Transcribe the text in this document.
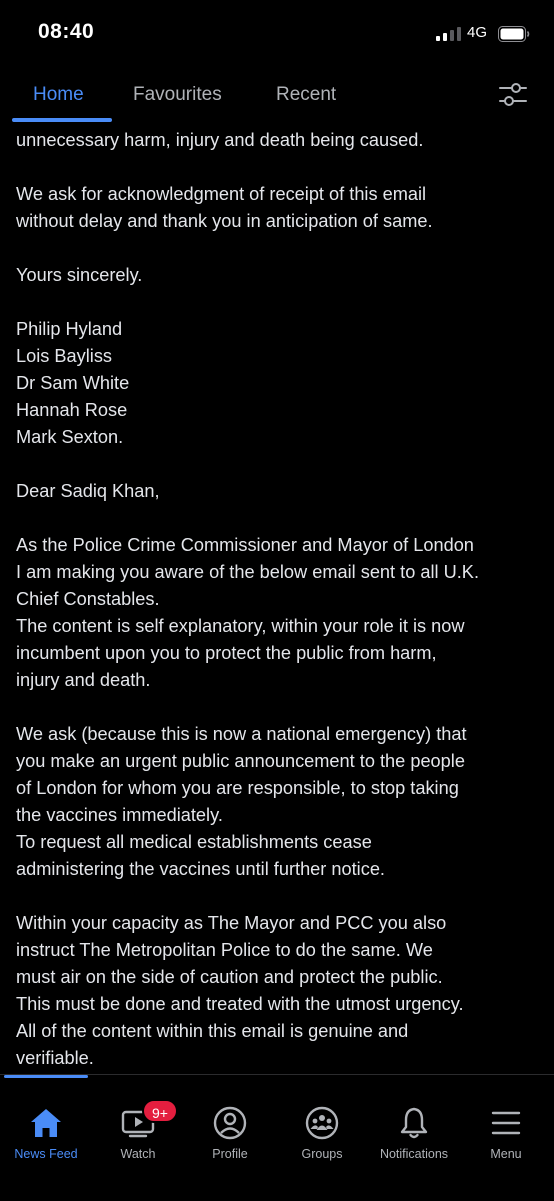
08:40	4G
Home	Favourites	Recent

unnecessary harm, injury and death being caused.

We ask for acknowledgment of receipt of this email
without delay and thank you in anticipation of same.

Yours sincerely.

Philip Hyland
Lois Bayliss
Dr Sam White
Hannah Rose
Mark Sexton.

Dear Sadiq Khan,

As the Police Crime Commissioner and Mayor of London
I am making you aware of the below email sent to all U.K.
Chief Constables.
The content is self explanatory, within your role it is now
incumbent upon you to protect the public from harm,
injury and death.

We ask (because this is now a national emergency) that
you make an urgent public announcement to the people
of London for whom you are responsible, to stop taking
the vaccines immediately.
To request all medical establishments cease
administering the vaccines until further notice.

Within your capacity as The Mayor and PCC you also
instruct The Metropolitan Police to do the same. We
must air on the side of caution and protect the public.
This must be done and treated with the utmost urgency.
All of the content within this email is genuine and
verifiable.

News Feed
9+
Watch	Profile	Groups	Notifications	Menu
